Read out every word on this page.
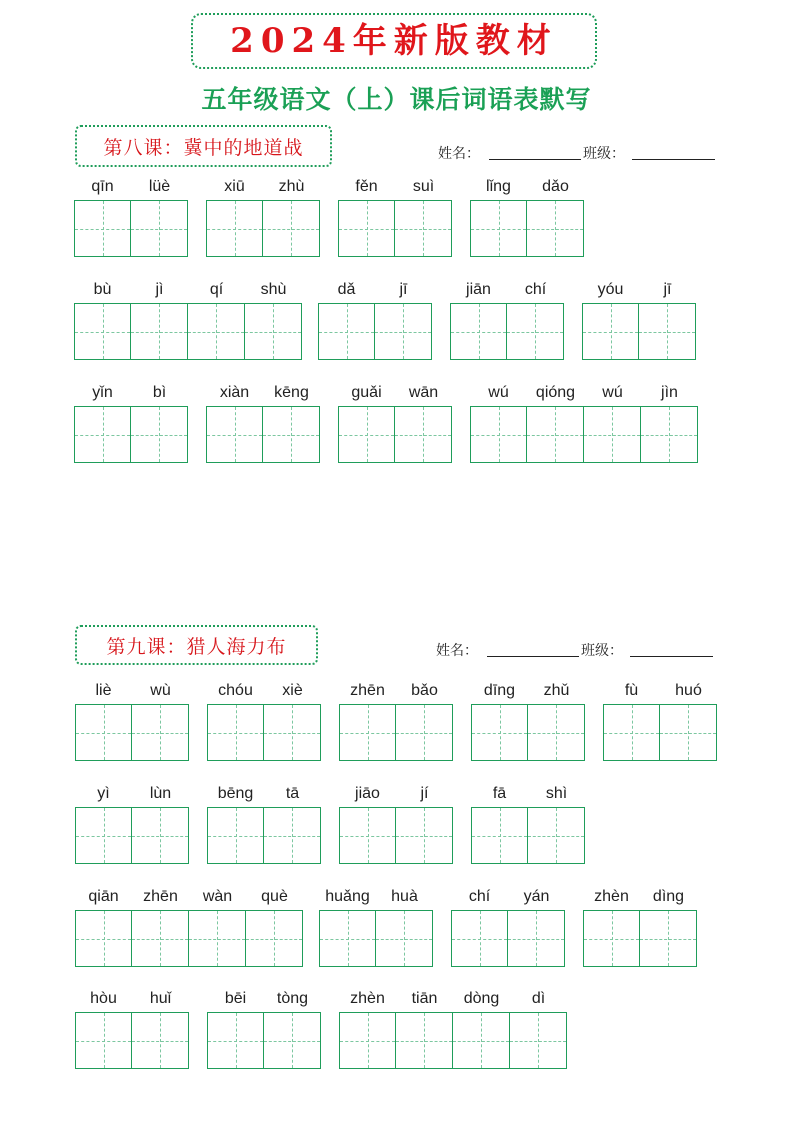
2024年新版教材
五年级语文（上）课后词语表默写
第八课：冀中的地道战	姓名：	班级：
第九课：猎人海力布	姓名：	班级：
qīn	lüè	xiū	zhù	fěn	suì	lǐng	dǎo
bù	jì	qí	shù	dǎ	jī	jiān	chí	yóu	jī
yǐn	bì	xiàn	kēng	guǎi	wān	wú	qióng	wú	jìn
liè	wù	chóu	xiè	zhēn	bǎo	dīng	zhǔ	fù	huó
yì	lùn	bēng	tā	jiāo	jí	fā	shì
qiān	zhēn	wàn	què	huǎng	huà	chí	yán	zhèn	dìng
hòu	huǐ	bēi	tòng	zhèn	tiān	dòng	dì
